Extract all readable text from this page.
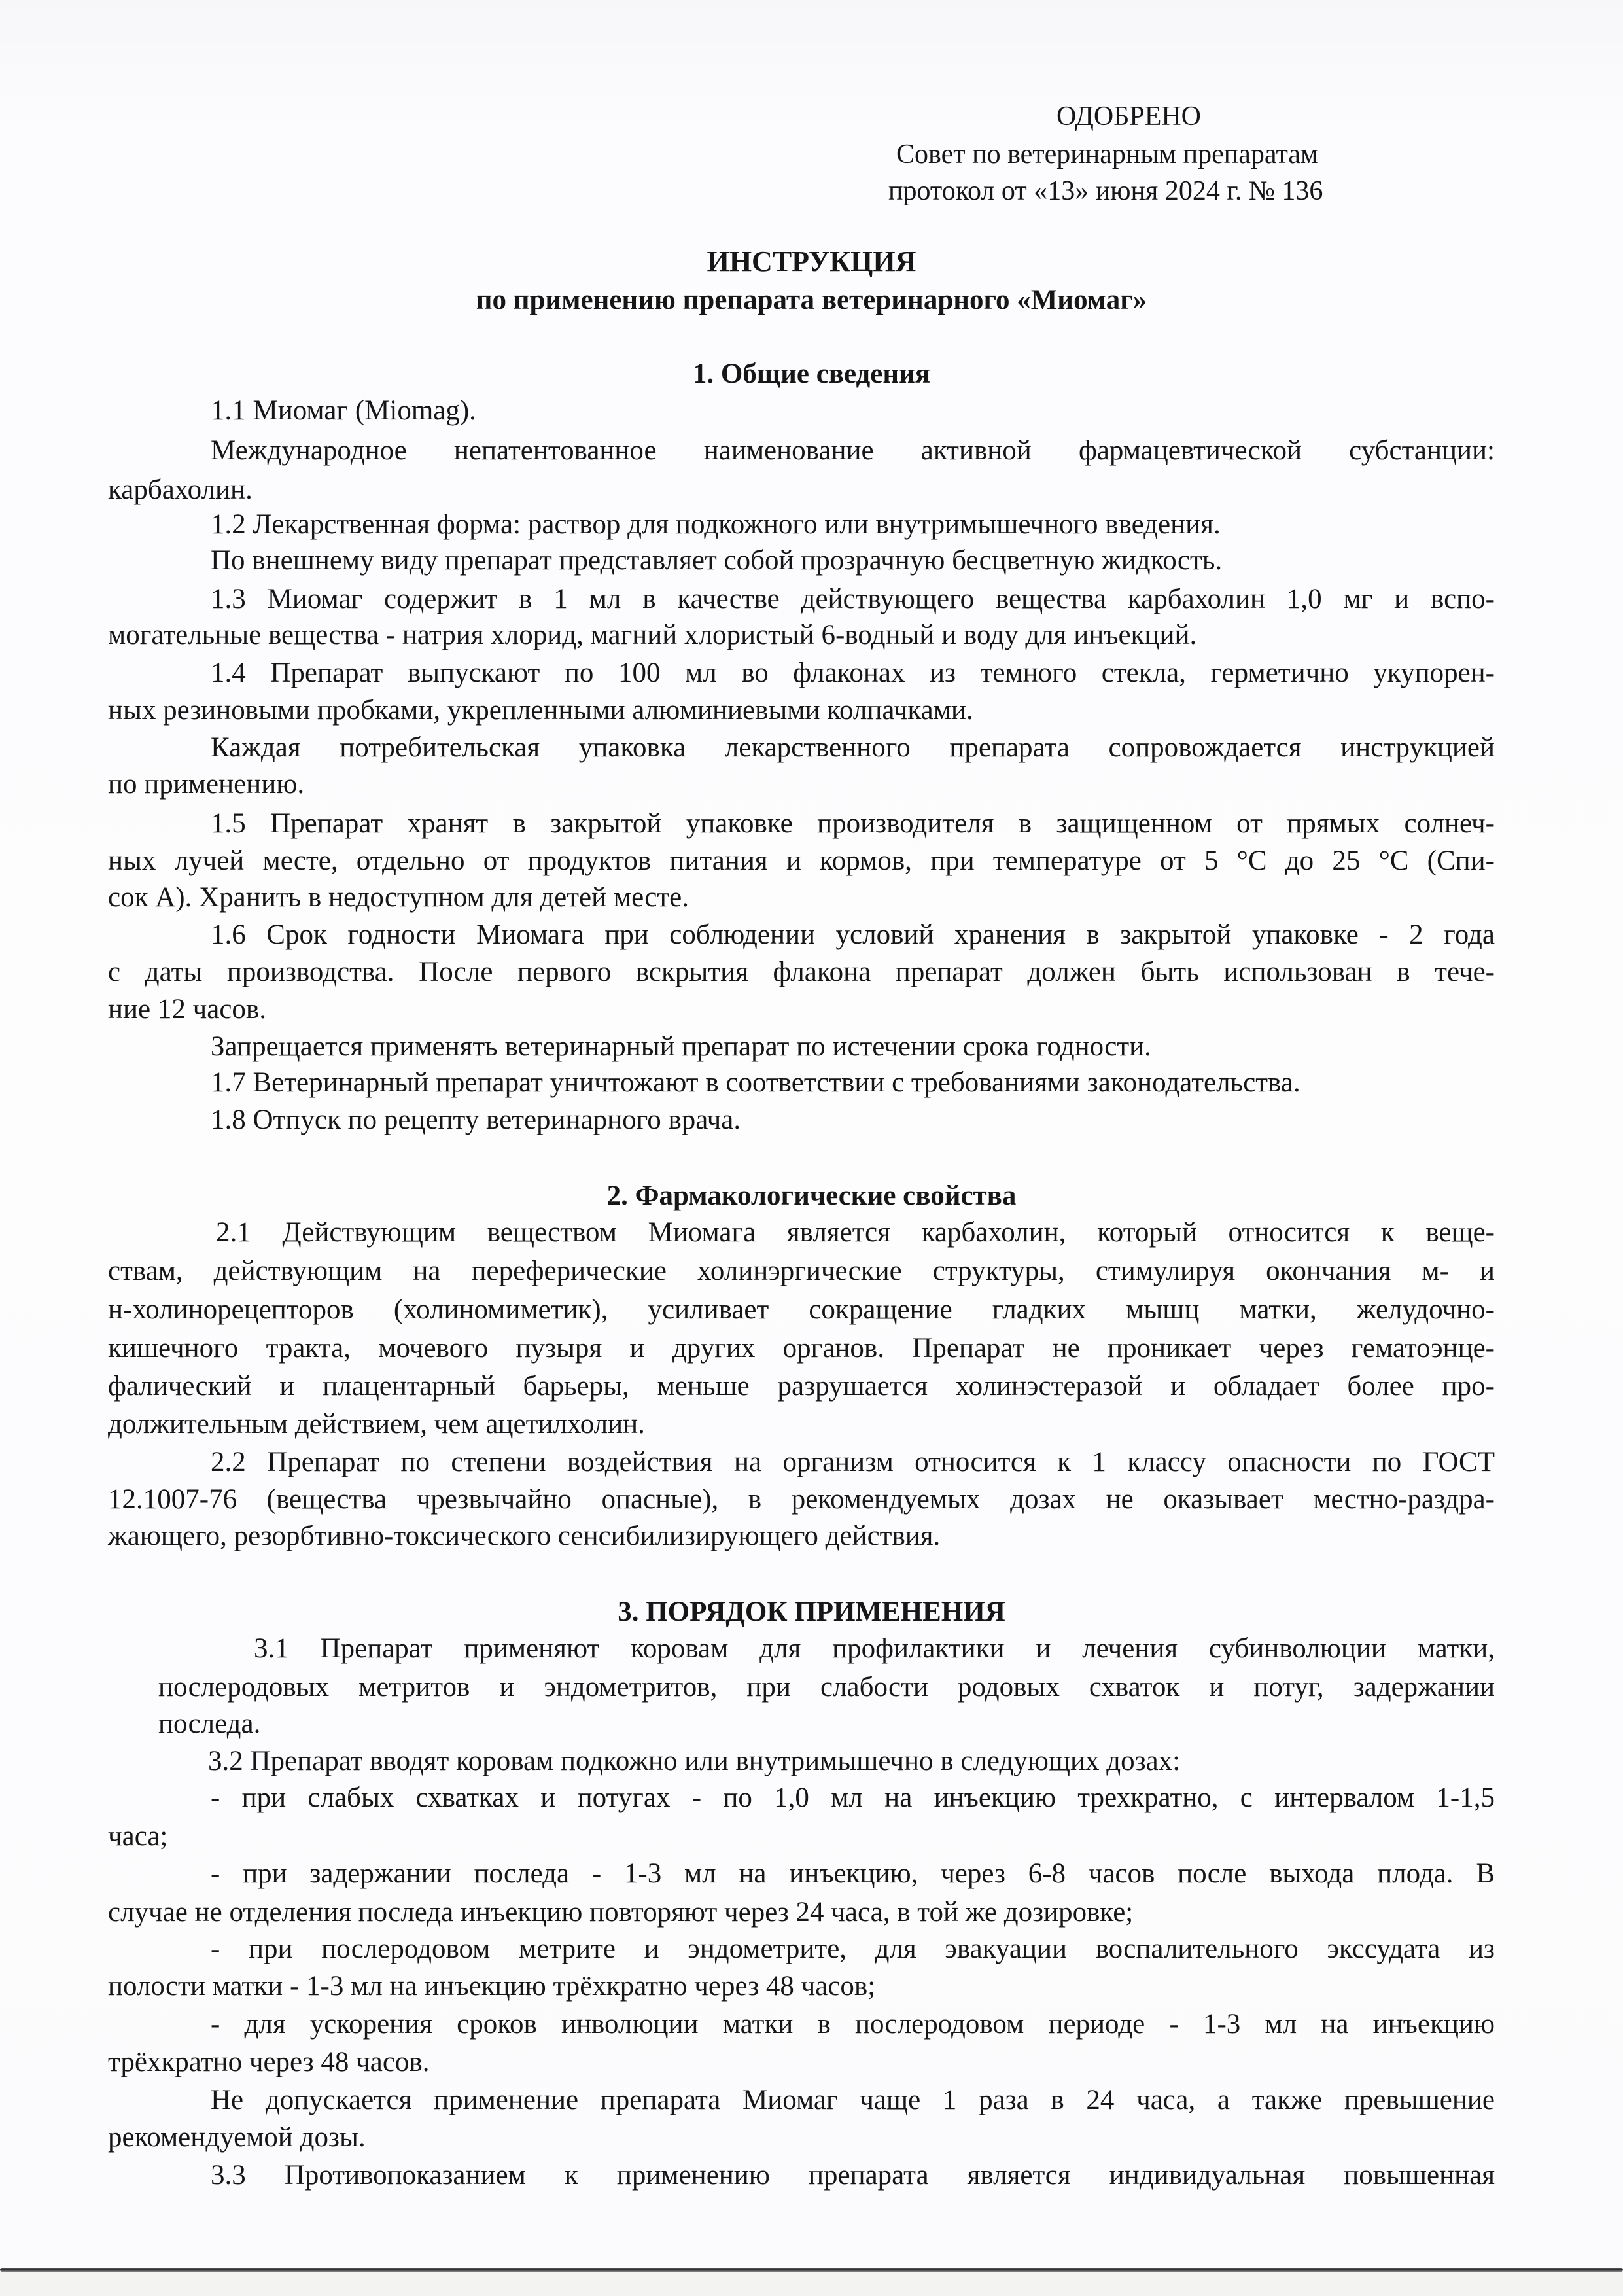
ОДОБРЕНО
Совет по ветеринарным препаратам
протокол от «13» июня 2024 г. № 136
ИНСТРУКЦИЯ
по применению препарата ветеринарного «Миомаг»
1. Общие сведения
1.1 Миомаг (Miomag).
Международное непатентованное наименование активной фармацевтической субстанции:
карбахолин.
1.2 Лекарственная форма: раствор для подкожного или внутримышечного введения.
По внешнему виду препарат представляет собой прозрачную бесцветную жидкость.
1.3 Миомаг содержит в 1 мл в качестве действующего вещества карбахолин 1,0 мг и вспо-
могательные вещества - натрия хлорид, магний хлористый 6-водный и воду для инъекций.
1.4 Препарат выпускают по 100 мл во флаконах из темного стекла, герметично укупорен-
ных резиновыми пробками, укрепленными алюминиевыми колпачками.
Каждая потребительская упаковка лекарственного препарата сопровождается инструкцией
по применению.
1.5 Препарат хранят в закрытой упаковке производителя в защищенном от прямых солнеч-
ных лучей месте, отдельно от продуктов питания и кормов, при температуре от 5 °С до 25 °С (Спи-
сок А). Хранить в недоступном для детей месте.
1.6 Срок годности Миомага при соблюдении условий хранения в закрытой упаковке - 2 года
с даты производства. После первого вскрытия флакона препарат должен быть использован в тече-
ние 12 часов.
Запрещается применять ветеринарный препарат по истечении срока годности.
1.7 Ветеринарный препарат уничтожают в соответствии с требованиями законодательства.
1.8 Отпуск по рецепту ветеринарного врача.
2. Фармакологические свойства
2.1 Действующим веществом Миомага является карбахолин, который относится к веще-
ствам, действующим на переферические холинэргические структуры, стимулируя окончания м- и
н-холинорецепторов (холиномиметик), усиливает сокращение гладких мышц матки, желудочно-
кишечного тракта, мочевого пузыря и других органов. Препарат не проникает через гематоэнце-
фалический и плацентарный барьеры, меньше разрушается холинэстеразой и обладает более про-
должительным действием, чем ацетилхолин.
2.2 Препарат по степени воздействия на организм относится к 1 классу опасности по ГОСТ
12.1007-76 (вещества чрезвычайно опасные), в рекомендуемых дозах не оказывает местно-раздра-
жающего, резорбтивно-токсического сенсибилизирующего действия.
3. ПОРЯДОК ПРИМЕНЕНИЯ
3.1 Препарат применяют коровам для профилактики и лечения субинволюции матки,
послеродовых метритов и эндометритов, при слабости родовых схваток и потуг, задержании
последа.
3.2 Препарат вводят коровам подкожно или внутримышечно в следующих дозах:
- при слабых схватках и потугах - по 1,0 мл на инъекцию трехкратно, с интервалом 1-1,5
часа;
- при задержании последа - 1-3 мл на инъекцию, через 6-8 часов после выхода плода. В
случае не отделения последа инъекцию повторяют через 24 часа, в той же дозировке;
- при послеродовом метрите и эндометрите, для эвакуации воспалительного экссудата из
полости матки - 1-3 мл на инъекцию трёхкратно через 48 часов;
- для ускорения сроков инволюции матки в послеродовом периоде - 1-3 мл на инъекцию
трёхкратно через 48 часов.
Не допускается применение препарата Миомаг чаще 1 раза в 24 часа, а также превышение
рекомендуемой дозы.
3.3 Противопоказанием к применению препарата является индивидуальная повышенная
